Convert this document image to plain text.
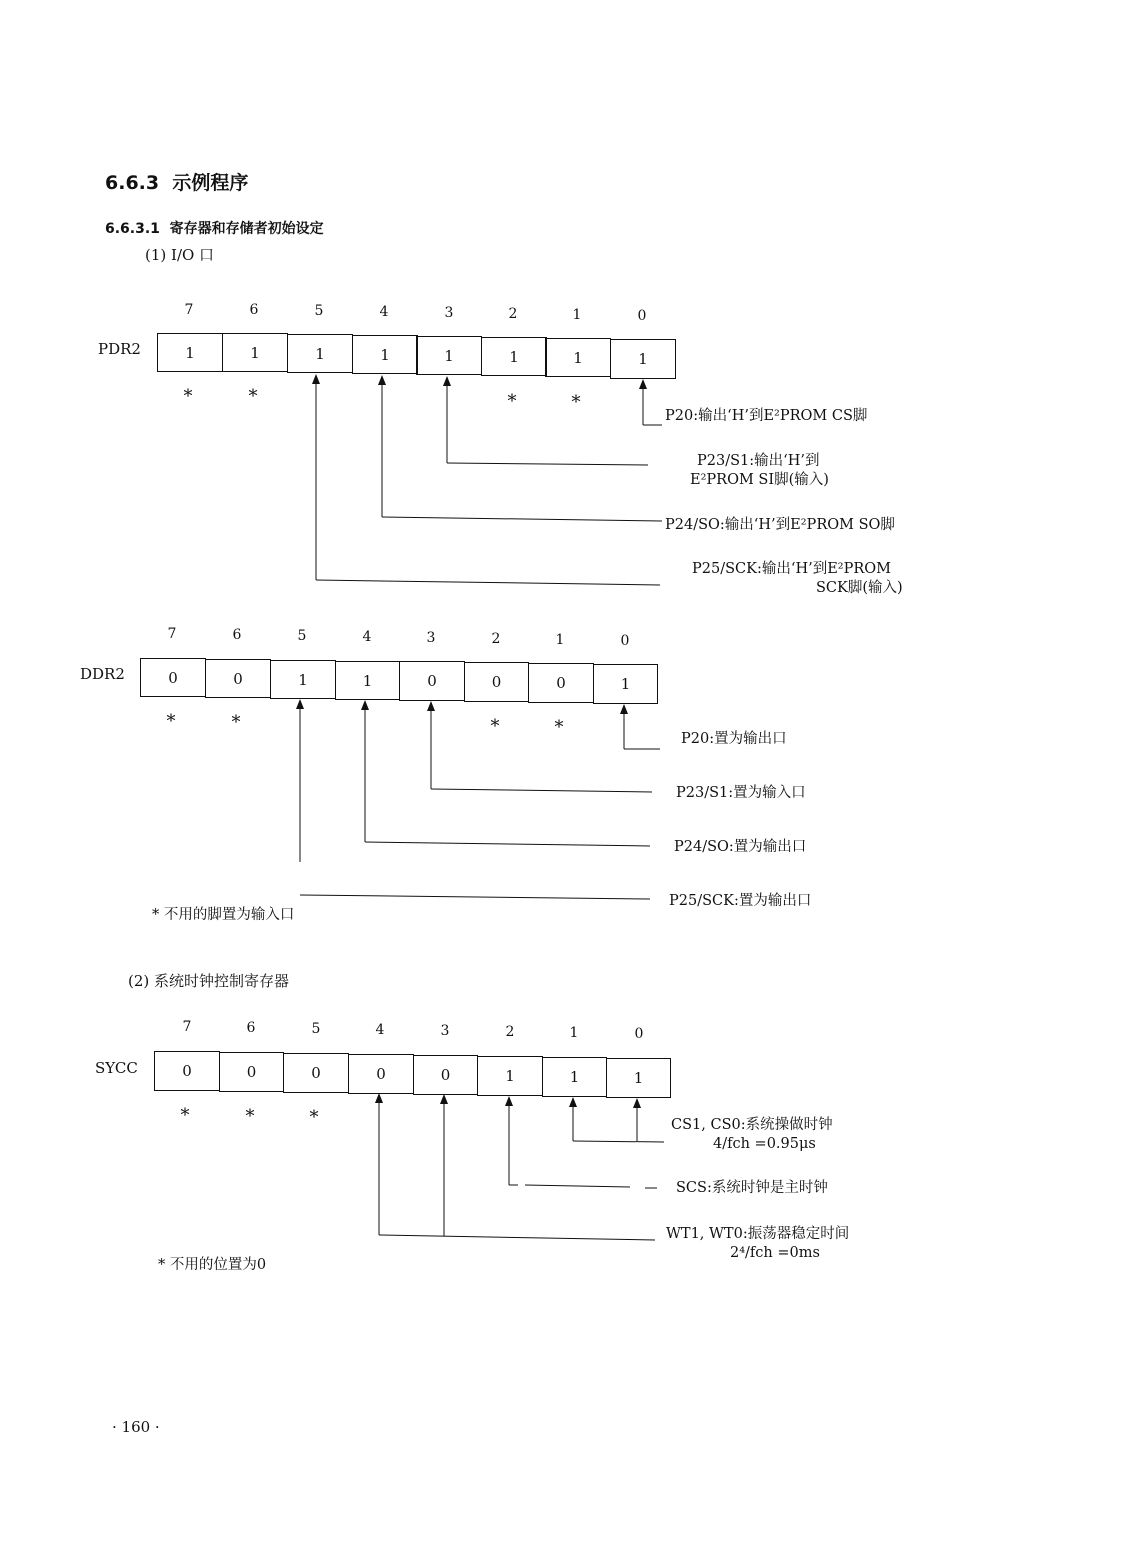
6.6.3 示例程序
6.6.3.1 寄存器和存储者初始设定
(1) I/O 口
7	6	5	4	3	2	1	0
PDR2	1	1	1	1	1	1	1	1
*	*	*	*
P20:输出‘H’到E²PROM CS脚
P23/S1:输出‘H’到
E²PROM SI脚(输入)
P24/SO:输出‘H’到E²PROM SO脚
P25/SCK:输出‘H’到E²PROM
SCK脚(输入)
7	6	5	4	3	2	1	0
DDR2	0	0	1	1	0	0	0	1
*	*	*	*
P20:置为输出口
P23/S1:置为输入口
P24/SO:置为输出口
P25/SCK:置为输出口
* 不用的脚置为输入口
(2) 系统时钟控制寄存器
7	6	5	4	3	2	1	0
SYCC	0	0	0	0	0	1	1	1
*	*	*	CS1, CS0:系统操做时钟
4/fch =0.95μs
SCS:系统时钟是主时钟
WT1, WT0:振荡器稳定时间
2⁴/fch =0ms
* 不用的位置为0
· 160 ·
